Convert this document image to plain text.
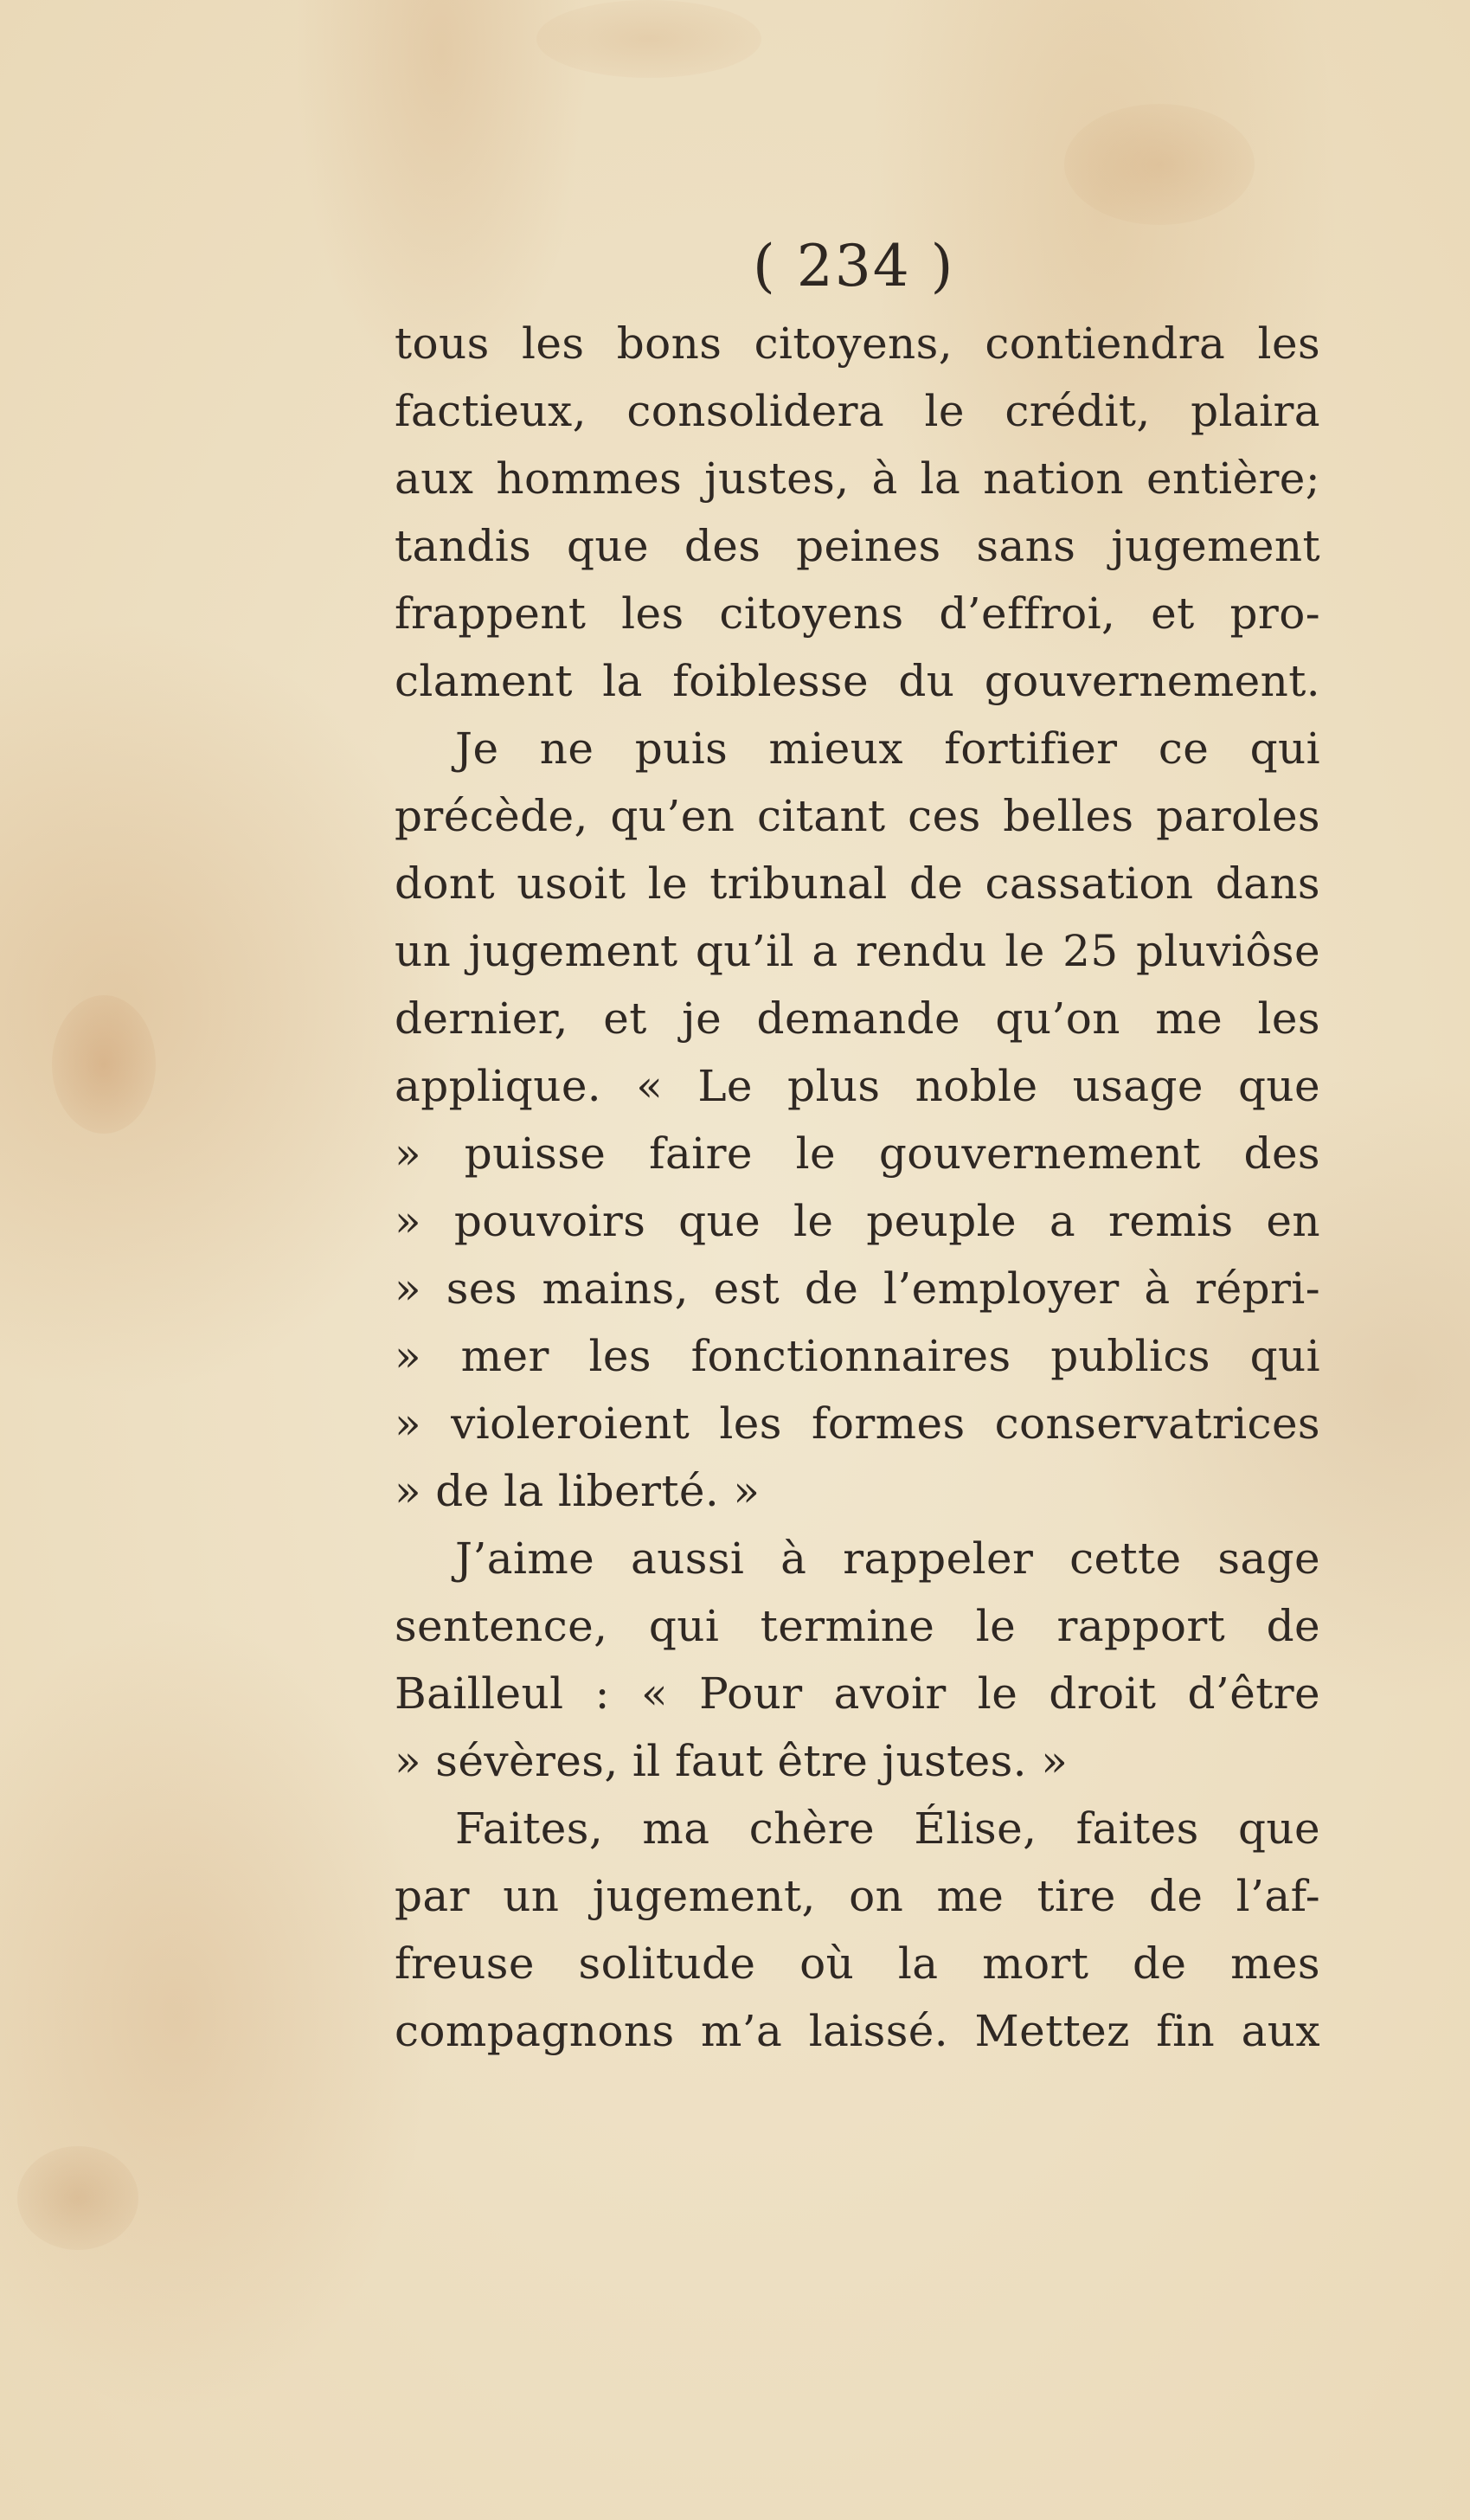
( 234 )
tous les bons citoyens, contiendra les
factieux, consolidera le crédit, plaira
aux hommes justes, à la nation entière;
tandis que des peines sans jugement
frappent les citoyens d’effroi, et pro-
clament la foiblesse du gouvernement.
Je ne puis mieux fortifier ce qui
précède, qu’en citant ces belles paroles
dont usoit le tribunal de cassation dans
un jugement qu’il a rendu le 25 pluviôse
dernier, et je demande qu’on me les
applique. « Le plus noble usage que
» puisse faire le gouvernement des
» pouvoirs que le peuple a remis en
» ses mains, est de l’employer à répri-
» mer les fonctionnaires publics qui
» violeroient les formes conservatrices
» de la liberté. »
J’aime aussi à rappeler cette sage
sentence, qui termine le rapport de
Bailleul : « Pour avoir le droit d’être
» sévères, il faut être justes. »
Faites, ma chère Élise, faites que
par un jugement, on me tire de l’af-
freuse solitude où la mort de mes
compagnons m’a laissé. Mettez fin aux
